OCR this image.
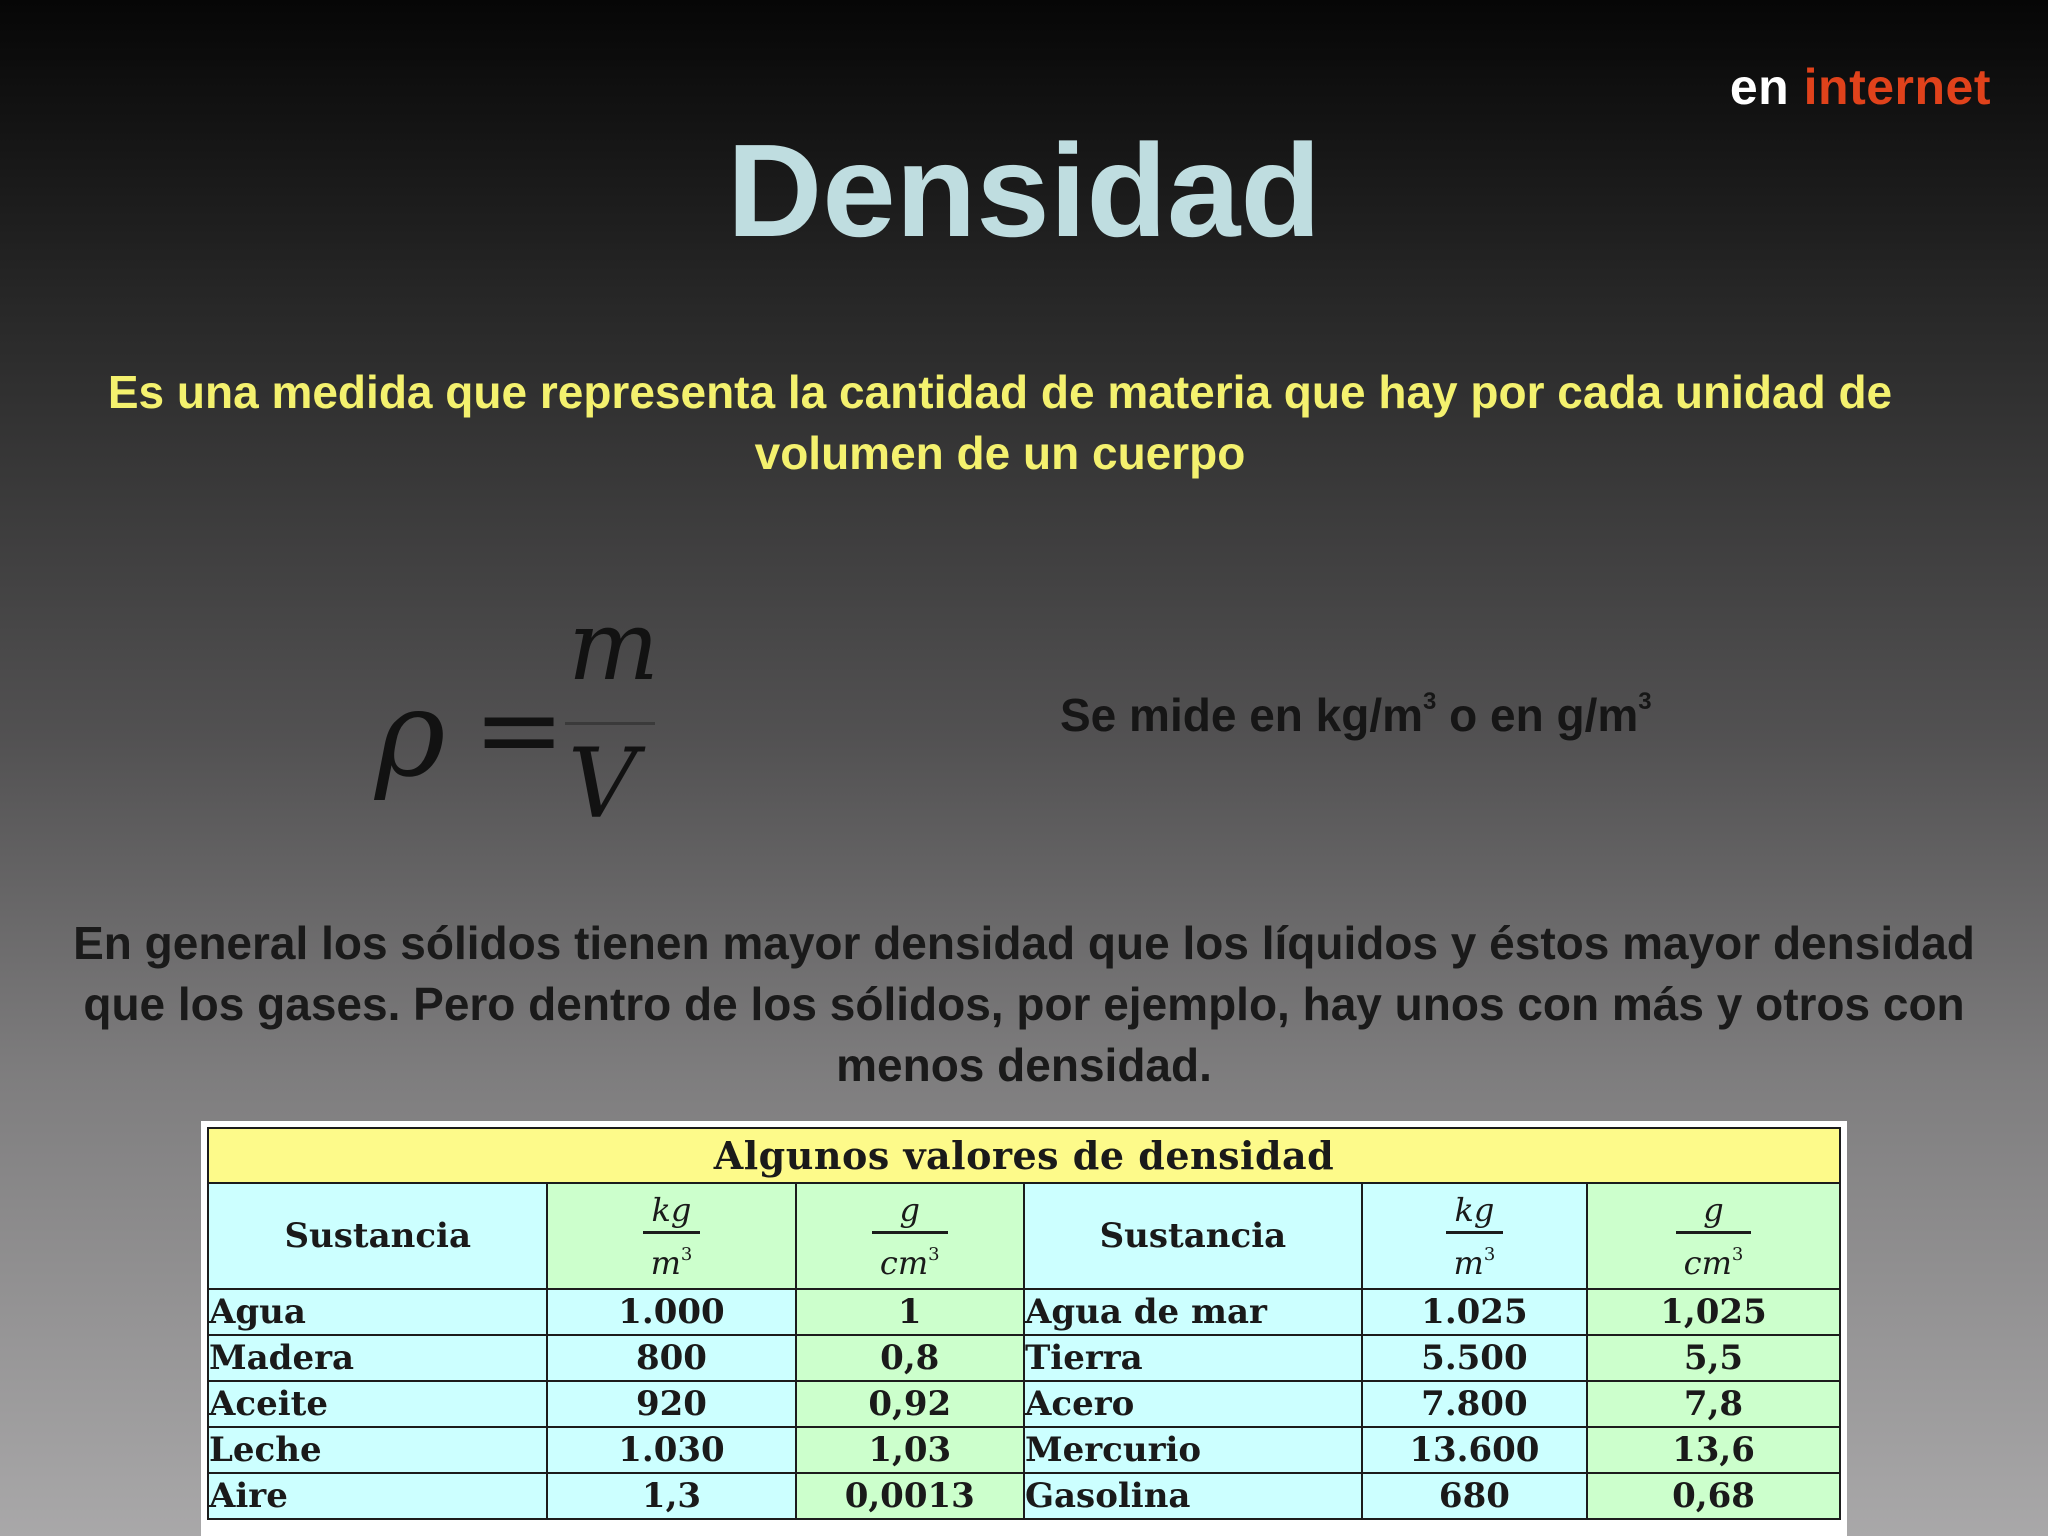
en internet
Densidad
Es una medida que representa la cantidad de materia que hay por cada unidad de volumen de un cuerpo
ρ =
m
V
Se mide en $kg/m^3$ o en $g/m^3$
En general los sólidos tienen mayor densidad que los líquidos y éstos mayor densidad que los gases. Pero dentro de los sólidos, por ejemplo, hay unos con más y otros con menos densidad.
Algunos valores de densidad					
Sustancia	$\frac{kg}{m^3}$	$\frac{g}{cm^3}$	Sustancia	$\frac{kg}{m^3}$	$\frac{g}{cm^3}$

Agua	1.000	1	Agua de mar	1.025	1,025
Madera	800	0,8	Tierra	5.500	5,5
Aceite	920	0,92	Acero	7.800	7,8
Leche	1.030	1,03	Mercurio	13.600	13,6
Aire	1,3	0,0013	Gasolina	680	0,68
